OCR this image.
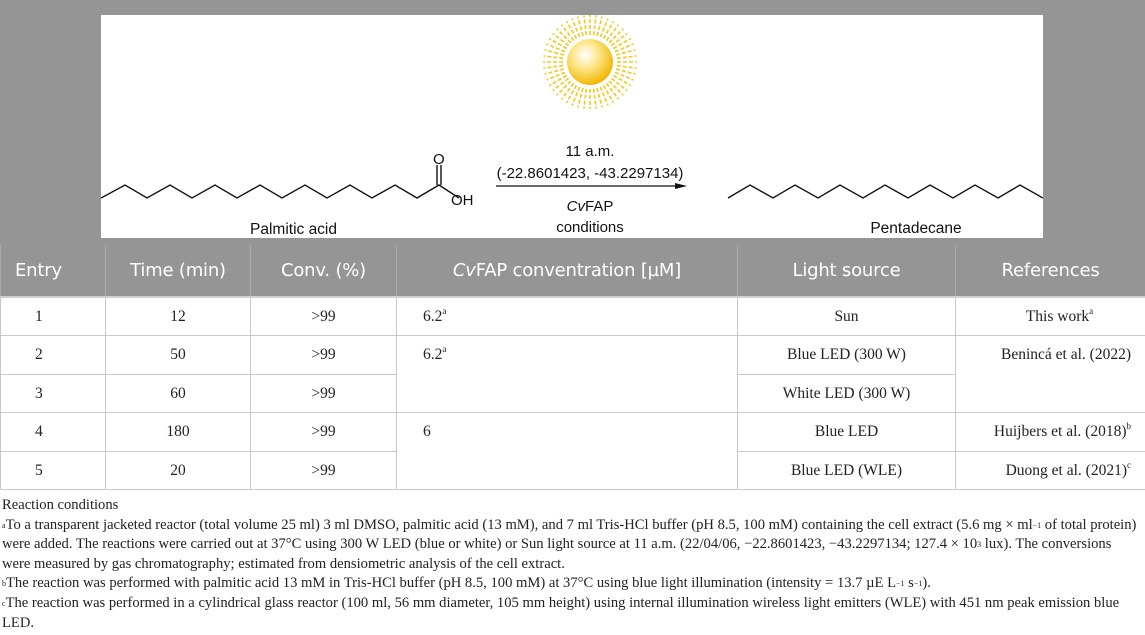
O
OH
Palmitic acid
11 a.m.
(-22.8601423, -43.2297134)
CvFAP
conditions	Pentadecane
Entry	Time (min)	Conv. (%)	CvFAP conventration [µM]	Light source	References
1	12	>99	6.2$^a$	Sun	This work$^a$
2	50	>99	6.2$^a$	Blue LED (300 W)	Benincá et al. (2022)
3	60	>99		White LED (300 W)	
4	180	>99	6	Blue LED	Huijbers et al. $(2018)^b$
5	20	>99		Blue LED (WLE)	Duong et al. $(2021)^c$

Reaction conditions

$^a$To a transparent jacketed reactor (total volume 25 ml) 3 ml DMSO, palmitic acid (13 mM), and 7 ml Tris-HCl buffer (pH 8.5, 100 mM) containing the cell extract (5.6 mg × $ml^{-1}$ of total protein) were added. The reactions were carried out at 37°C using 300 W LED (blue or white) or Sun light source at 11 a.m. (22/04/06, −22.8601423, −43.2297134; $127.4 \times 10^3$ lux). The conversions were measured by gas chromatography; estimated from densiometric analysis of the cell extract.

$^b$The reaction was performed with palmitic acid 13 mM in Tris-HCl buffer (pH 8.5, 100 mM) at 37°C using blue light illumination (intensity = 13.7 µE $L^{-1}$ $s^{-1}$).

$^c$The reaction was performed in a cylindrical glass reactor (100 ml, 56 mm diameter, 105 mm height) using internal illumination wireless light emitters (WLE) with 451 nm peak emission blue LED.
